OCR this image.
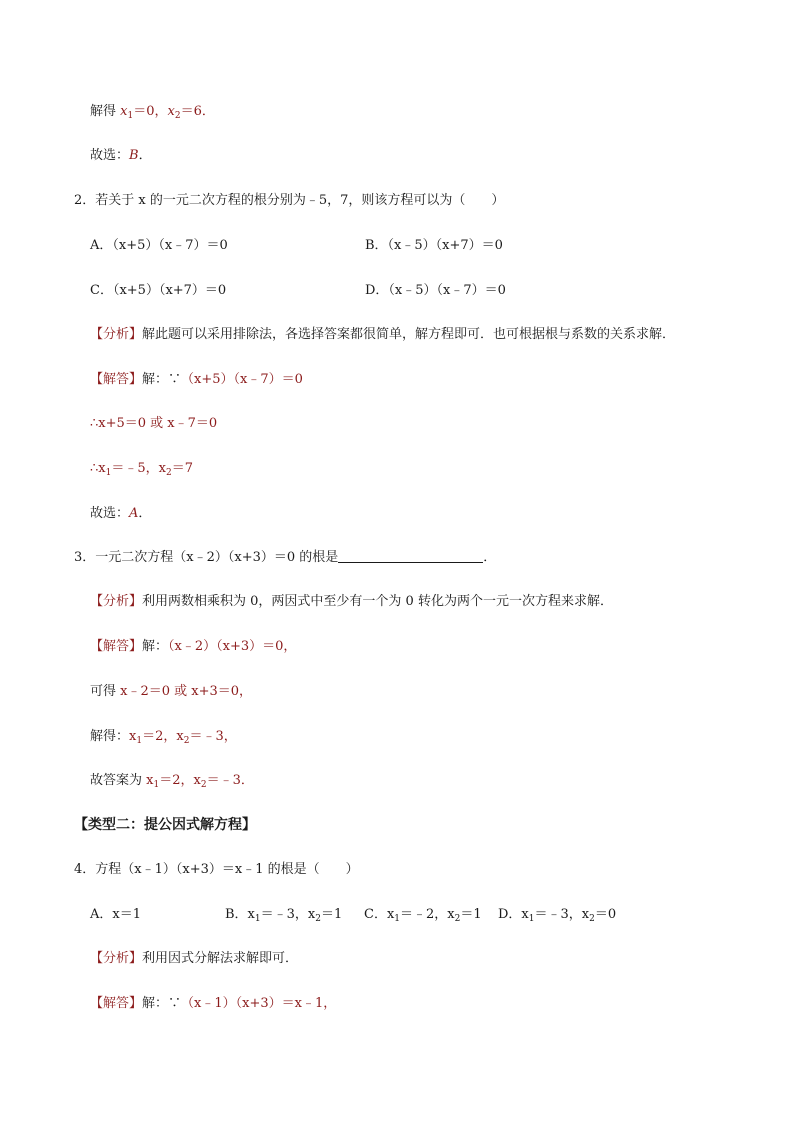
解得 $x_1=0$，$x_2=6$．
故选：B．
2．若关于 x 的一元二次方程的根分别为﹣5，7，则该方程可以为（　　）
A．（x+5）（x﹣7）＝0	B．（x﹣5）（x+7）＝0
C．（x+5）（x+7）＝0	D．（x﹣5）（x﹣7）＝0
【分析】解此题可以采用排除法，各选择答案都很简单，解方程即可．也可根据根与系数的关系求解．
【解答】解：∵（x+5）（x﹣7）＝0
∴x+5＝0 或 x﹣7＝0
$\therefore x_1=﹣5$，$x_2=7$
故选：A．
3．一元二次方程（x﹣2）（x+3）＝0 的根是	．
【分析】利用两数相乘积为 0，两因式中至少有一个为 0 转化为两个一元一次方程来求解．
【解答】解：（x﹣2）（x+3）＝0，
可得 x﹣2＝0 或 x+3＝0，
解得：$x_1=2$，$x_2=﹣3$，
故答案为 $x_1=2$，$x_2=﹣3$．
【类型二：提公因式解方程】
4．方程（x﹣1）（x+3）＝x﹣1 的根是（　　）
A．x＝1	B．$x_1=﹣3$，$x_2=1$ C．$x_1=﹣2$，$x_2=1$ D．$x_1=﹣3$，$x_2=0$
【分析】利用因式分解法求解即可．
【解答】解：∵（x﹣1）（x+3）＝x﹣1，
